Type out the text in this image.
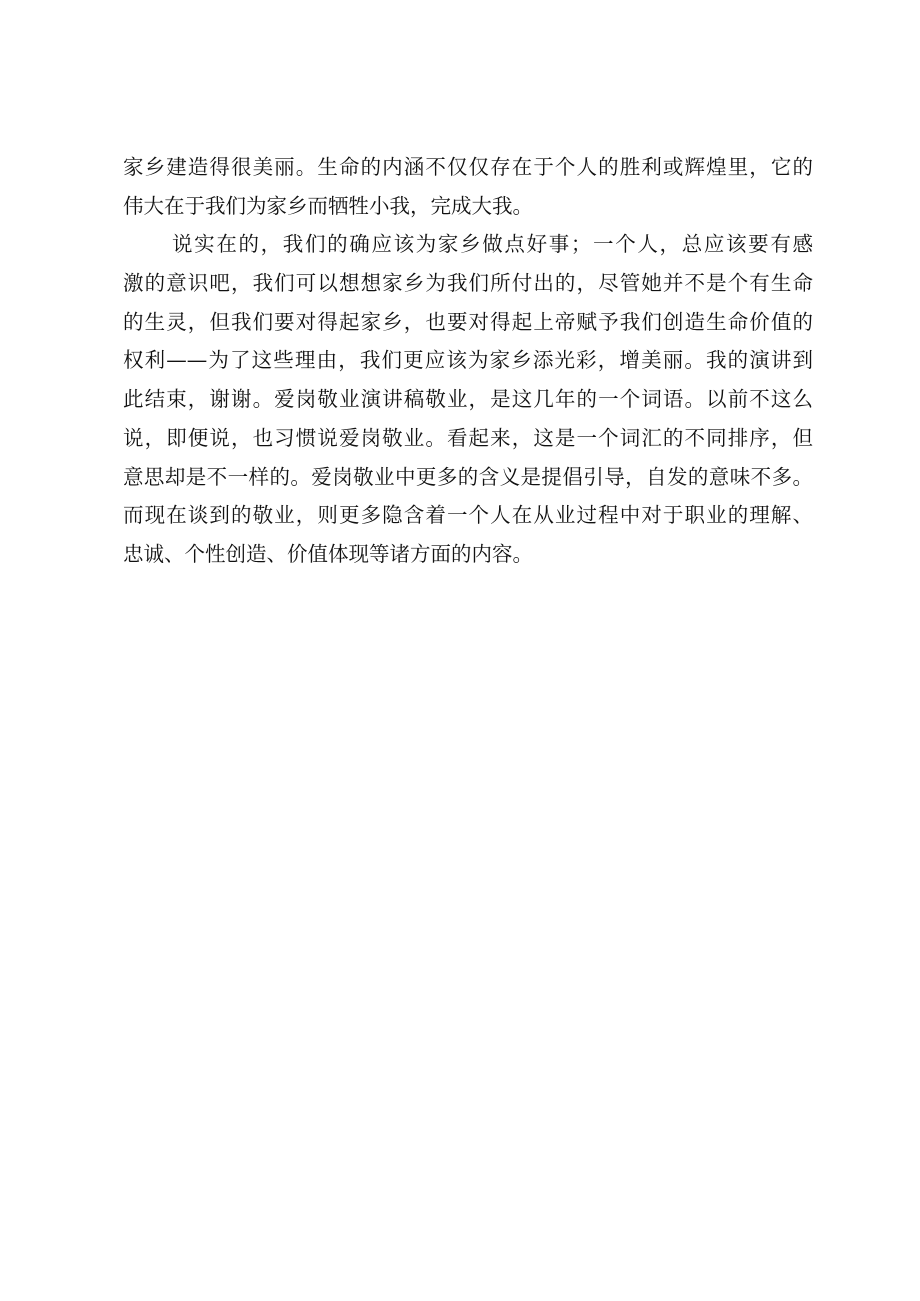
家乡建造得很美丽。生命的内涵不仅仅存在于个人的胜利或辉煌里，它的
伟大在于我们为家乡而牺牲小我，完成大我。
说实在的，我们的确应该为家乡做点好事；一个人，总应该要有感
激的意识吧，我们可以想想家乡为我们所付出的，尽管她并不是个有生命
的生灵，但我们要对得起家乡，也要对得起上帝赋予我们创造生命价值的
权利——为了这些理由，我们更应该为家乡添光彩，增美丽。我的演讲到
此结束，谢谢。爱岗敬业演讲稿敬业，是这几年的一个词语。以前不这么
说，即便说，也习惯说爱岗敬业。看起来，这是一个词汇的不同排序，但
意思却是不一样的。爱岗敬业中更多的含义是提倡引导，自发的意味不多。
而现在谈到的敬业，则更多隐含着一个人在从业过程中对于职业的理解、
忠诚、个性创造、价值体现等诸方面的内容。
